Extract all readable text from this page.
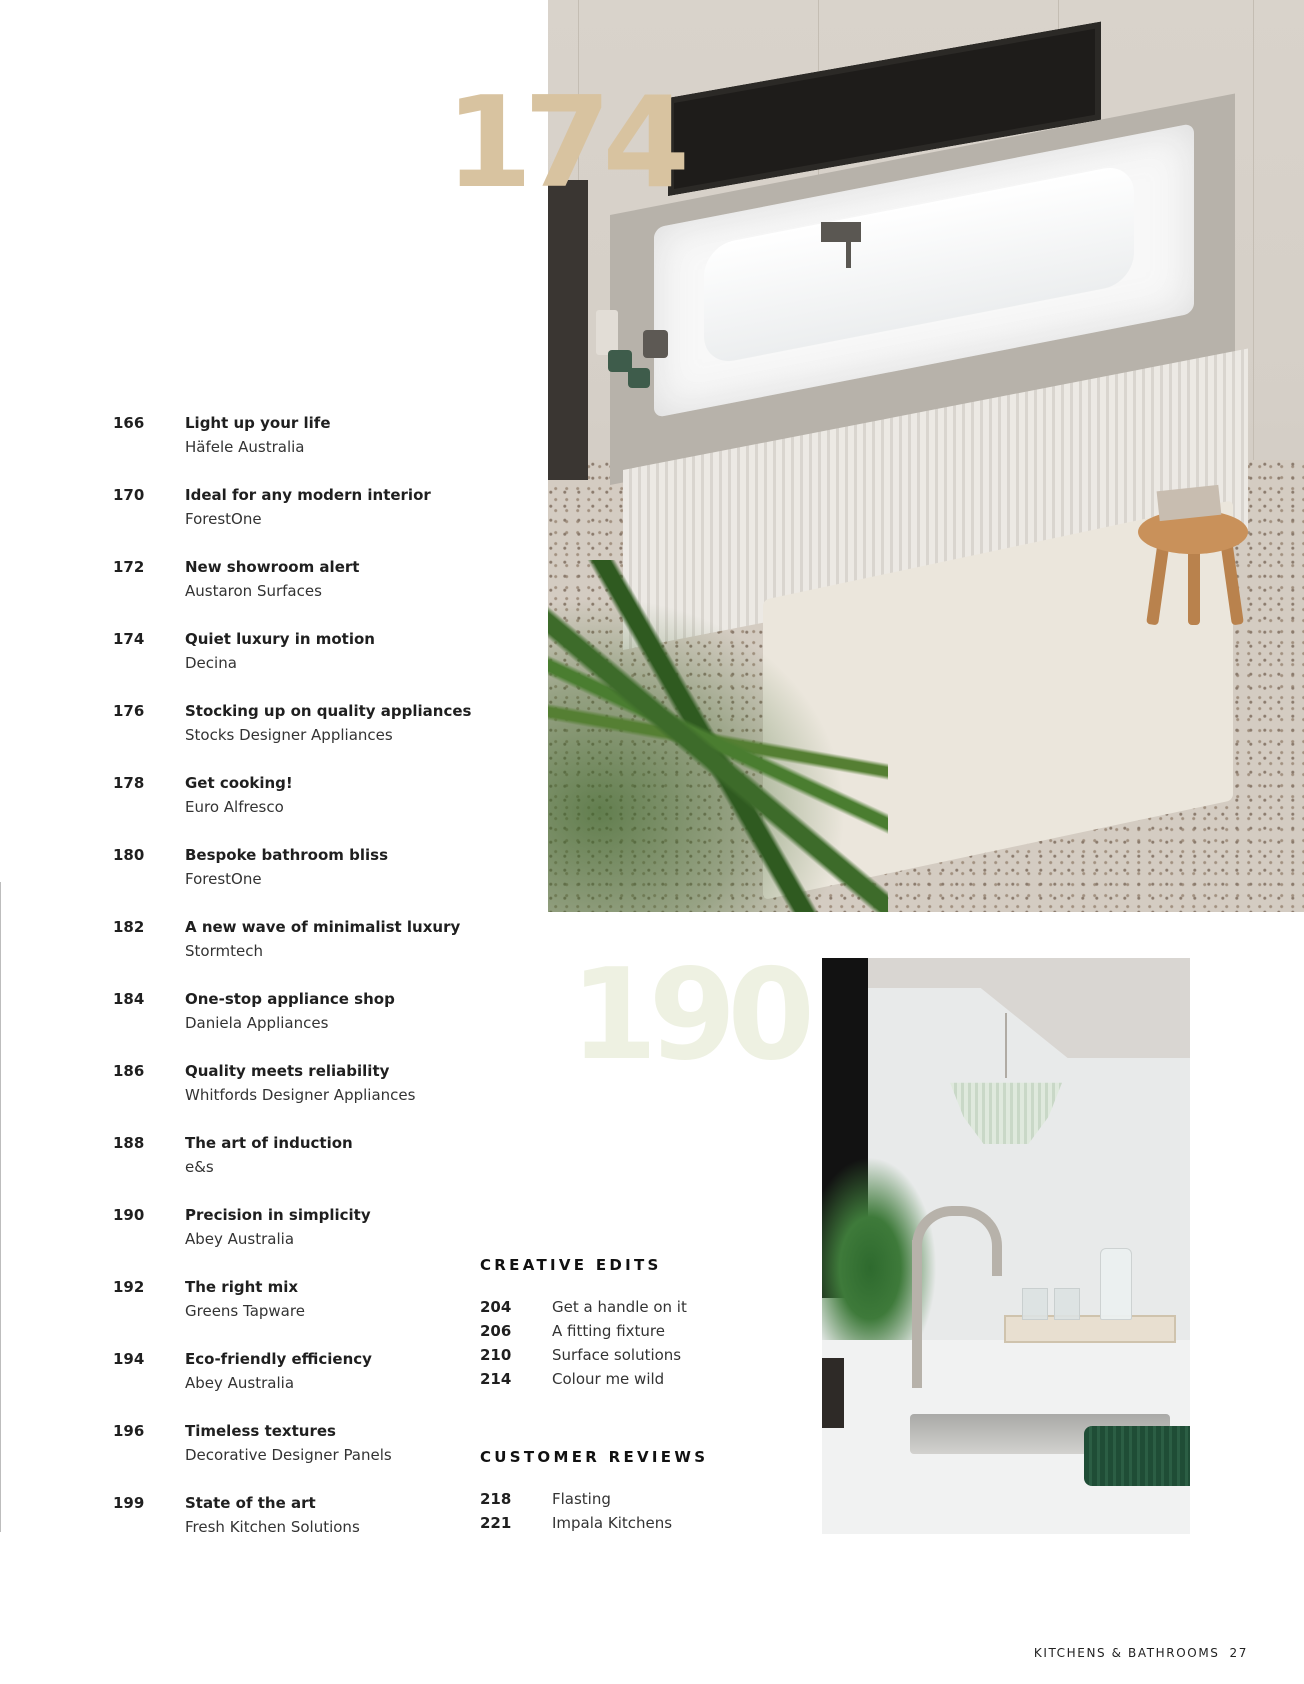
174
190
166	Light up your life
Häfele Australia
170	Ideal for any modern interior
ForestOne
172	New showroom alert
Austaron Surfaces
174	Quiet luxury in motion
Decina
176	Stocking up on quality appliances
Stocks Designer Appliances
178	Get cooking!
Euro Alfresco
180	Bespoke bathroom bliss
ForestOne
182	A new wave of minimalist luxury
Stormtech
184	One-stop appliance shop
Daniela Appliances
186	Quality meets reliability
Whitfords Designer Appliances
188	The art of induction
e&s
190	Precision in simplicity
Abey Australia
192	The right mix
Greens Tapware
194	Eco-friendly efficiency
Abey Australia
196	Timeless textures
Decorative Designer Panels
199	State of the art
Fresh Kitchen Solutions
CREATIVE EDITS
204	Get a handle on it
206	A fitting fixture
210	Surface solutions
214	Colour me wild
CUSTOMER REVIEWS
218	Flasting
221	Impala Kitchens
KITCHENS & BATHROOMS 27
